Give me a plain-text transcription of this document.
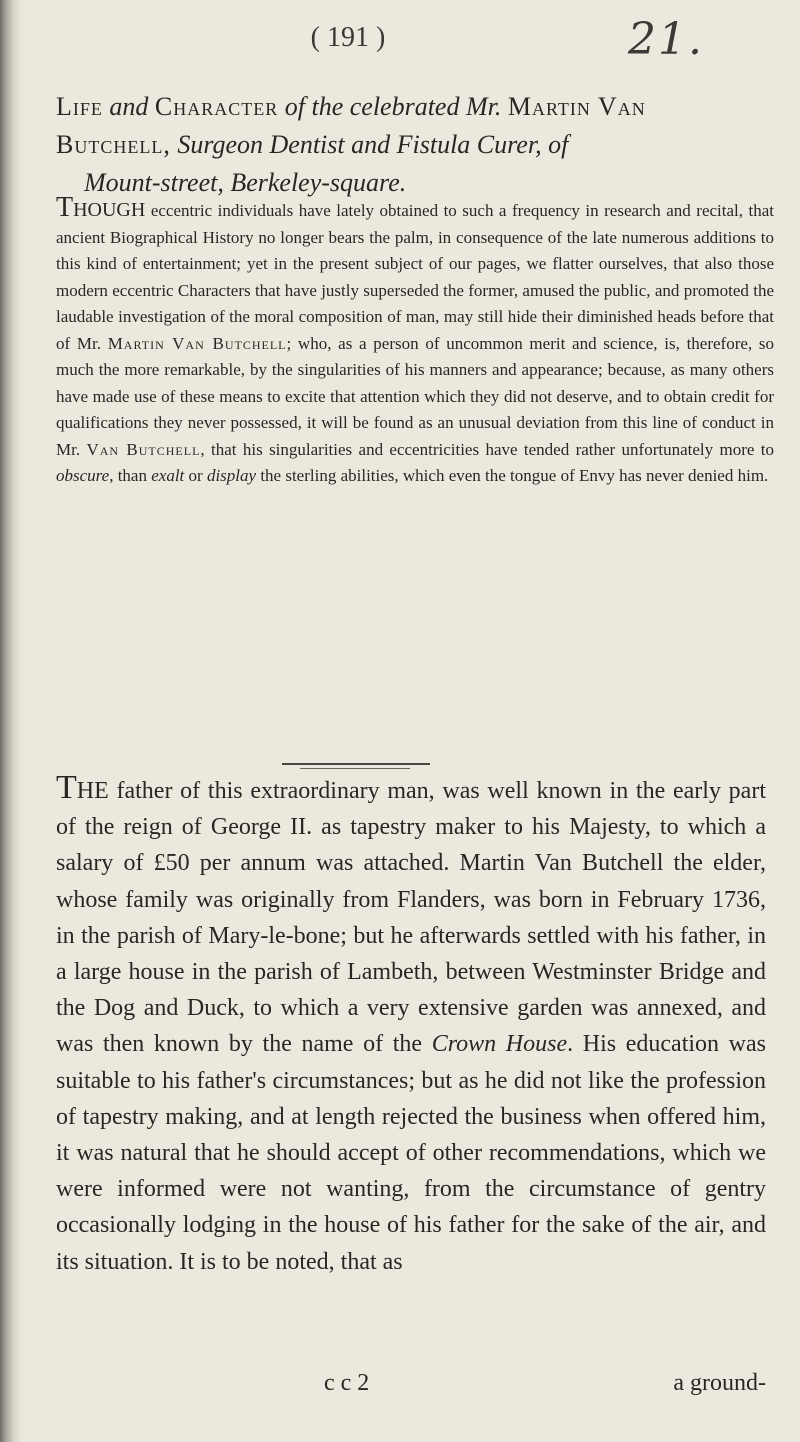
21.
( 191 )
Life and Character of the celebrated Mr. Martin Van Butchell, Surgeon Dentist and Fistula Curer, of
Mount-street, Berkeley-square.
Though eccentric individuals have lately obtained to such a frequency in research and recital, that ancient Biographical History no longer bears the palm, in consequence of the late numerous additions to this kind of entertainment; yet in the present subject of our pages, we flatter ourselves, that also those modern eccentric Characters that have justly superseded the former, amused the public, and promoted the laudable investigation of the moral composition of man, may still hide their diminished heads before that of Mr. Martin Van Butchell; who, as a person of uncommon merit and science, is, therefore, so much the more remarkable, by the singularities of his manners and appearance; because, as many others have made use of these means to excite that attention which they did not deserve, and to obtain credit for qualifications they never possessed, it will be found as an unusual deviation from this line of conduct in Mr. Van Butchell, that his singularities and eccentricities have tended rather unfortunately more to obscure, than exalt or display the sterling abilities, which even the tongue of Envy has never denied him.
The father of this extraordinary man, was well known in the early part of the reign of George II. as tapestry maker to his Majesty, to which a salary of £50 per annum was attached. Martin Van Butchell the elder, whose family was originally from Flanders, was born in February 1736, in the parish of Mary-le-bone; but he afterwards settled with his father, in a large house in the parish of Lambeth, between Westminster Bridge and the Dog and Duck, to which a very extensive garden was annexed, and was then known by the name of the Crown House. His education was suitable to his father's circumstances; but as he did not like the profession of tapestry making, and at length rejected the business when offered him, it was natural that he should accept of other recommendations, which we were informed were not wanting, from the circumstance of gentry occasionally lodging in the house of his father for the sake of the air, and its situation. It is to be noted, that as
c c 2	a ground-
